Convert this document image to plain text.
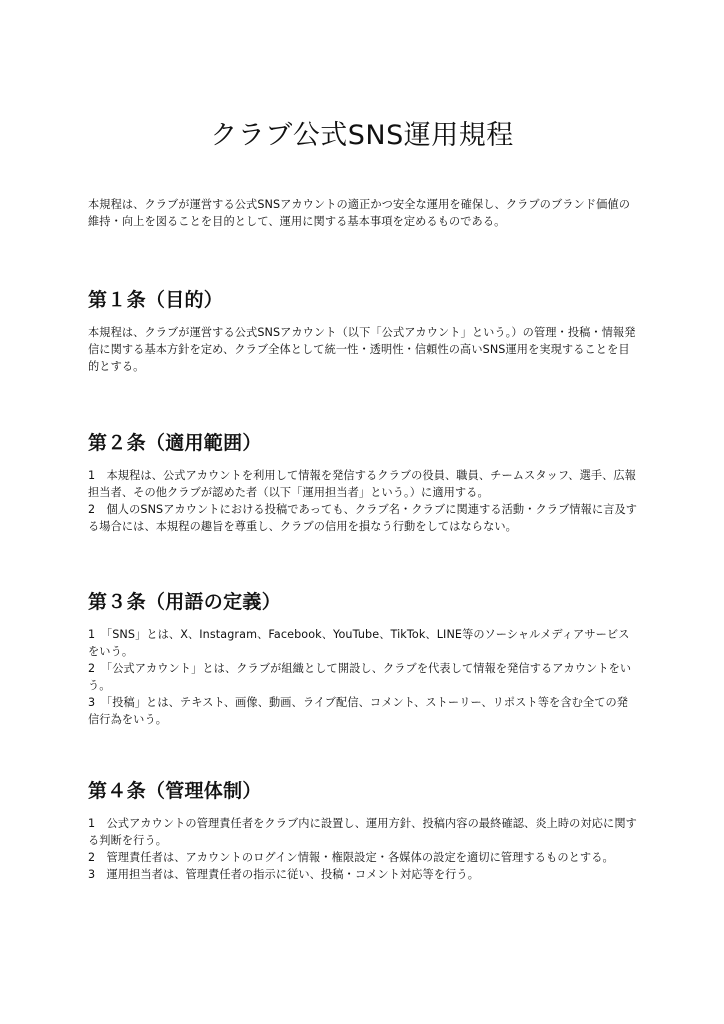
クラブ公式SNS運用規程

本規程は、クラブが運営する公式SNSアカウントの適正かつ安全な運用を確保し、クラブのブランド価値の維持・向上を図ることを目的として、運用に関する基本事項を定めるものである。

第１条（目的）

本規程は、クラブが運営する公式SNSアカウント（以下「公式アカウント」という。）の管理・投稿・情報発信に関する基本方針を定め、クラブ全体として統一性・透明性・信頼性の高いSNS運用を実現することを目的とする。

第２条（適用範囲）

1　本規程は、公式アカウントを利用して情報を発信するクラブの役員、職員、チームスタッフ、選手、広報担当者、その他クラブが認めた者（以下「運用担当者」という。）に適用する。

2　個人のSNSアカウントにおける投稿であっても、クラブ名・クラブに関連する活動・クラブ情報に言及する場合には、本規程の趣旨を尊重し、クラブの信用を損なう行動をしてはならない。

第３条（用語の定義）

1　「SNS」とは、X、Instagram、Facebook、YouTube、TikTok、LINE等のソーシャルメディアサービスをいう。

2　「公式アカウント」とは、クラブが組織として開設し、クラブを代表して情報を発信するアカウントをいう。

3　「投稿」とは、テキスト、画像、動画、ライブ配信、コメント、ストーリー、リポスト等を含む全ての発信行為をいう。

第４条（管理体制）

1　公式アカウントの管理責任者をクラブ内に設置し、運用方針、投稿内容の最終確認、炎上時の対応に関する判断を行う。

2　管理責任者は、アカウントのログイン情報・権限設定・各媒体の設定を適切に管理するものとする。

3　運用担当者は、管理責任者の指示に従い、投稿・コメント対応等を行う。
